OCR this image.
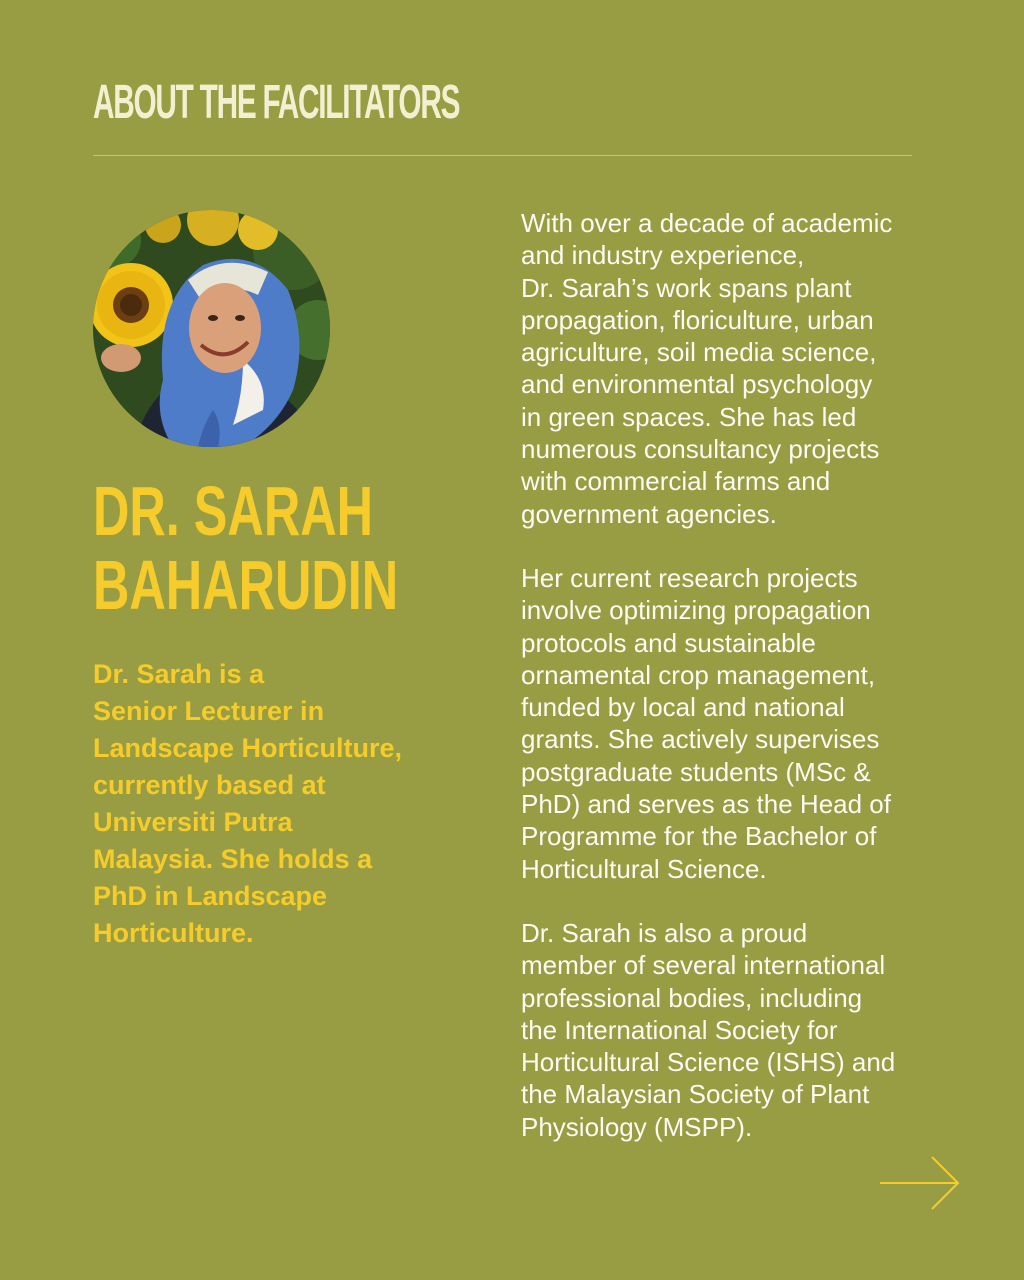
ABOUT THE FACILITATORS
DR. SARAH
BAHARUDIN

Dr. Sarah is a
Senior Lecturer in
Landscape Horticulture,
currently based at
Universiti Putra
Malaysia. She holds a
PhD in Landscape
Horticulture.

With over a decade of academic
and industry experience,
Dr. Sarah’s work spans plant
propagation, floriculture, urban
agriculture, soil media science,
and environmental psychology
in green spaces. She has led
numerous consultancy projects
with commercial farms and
government agencies.

Her current research projects
involve optimizing propagation
protocols and sustainable
ornamental crop management,
funded by local and national
grants. She actively supervises
postgraduate students (MSc &
PhD) and serves as the Head of
Programme for the Bachelor of
Horticultural Science.

Dr. Sarah is also a proud
member of several international
professional bodies, including
the International Society for
Horticultural Science (ISHS) and
the Malaysian Society of Plant
Physiology (MSPP).
